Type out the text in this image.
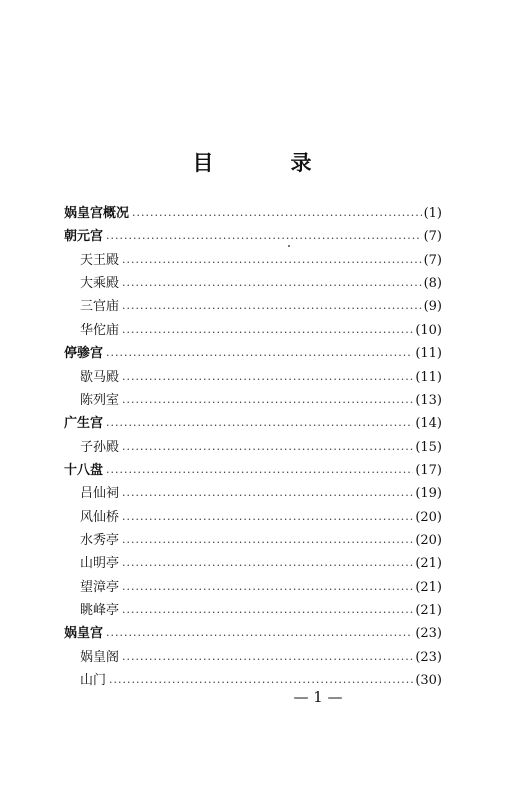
目　录
娲皇宫概况 ·····	(1)
朝元宫 ·····	(7)
天王殿 ·····	(7)
大乘殿 ·····	(8)
三官庙 ·····	(9)
华佗庙 ·····	(10)
停骖宫 ·····	(11)
歇马殿 ·····	(11)
陈列室 ·····	(13)
广生宫 ·····	(14)
子孙殿 ·····	(15)
十八盘 ·····	(17)
吕仙祠 ·····	(19)
风仙桥 ·····	(20)
水秀亭 ·····	(20)
山明亭 ·····	(21)
望漳亭 ·····	(21)
眺峰亭 ·····	(21)
娲皇宫 ·····	(23)
娲皇阁 ·····	(23)
山门 ·····	(30)
— 1 —
